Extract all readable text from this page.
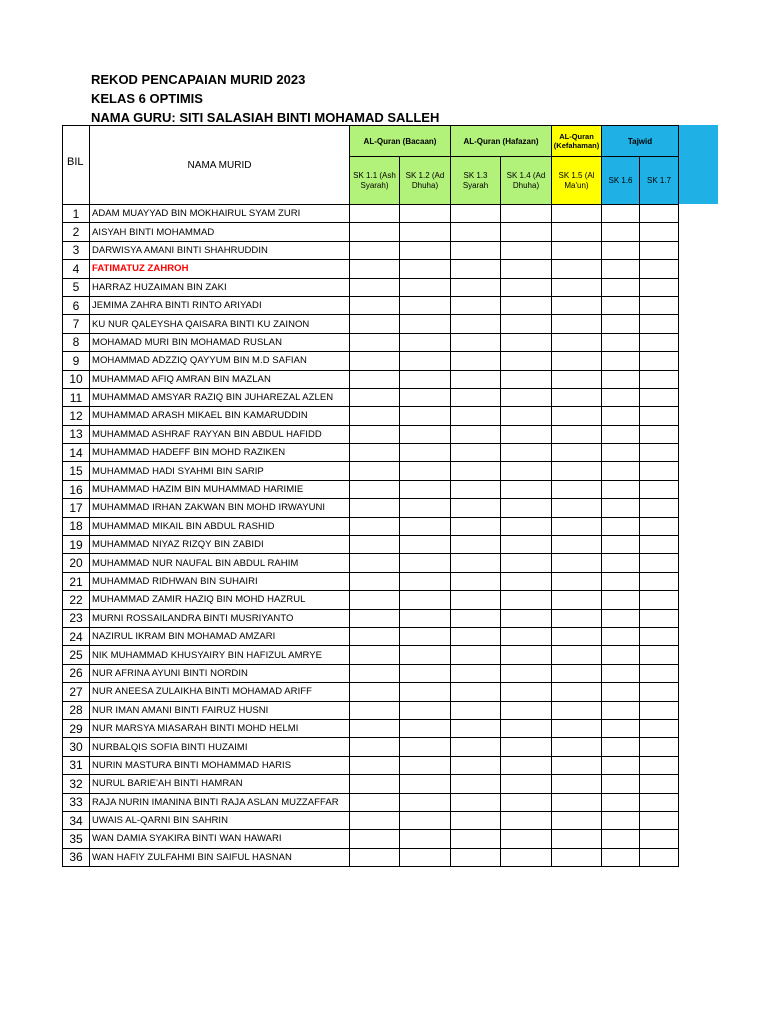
REKOD PENCAPAIAN MURID 2023
KELAS 6 OPTIMIS
NAMA GURU: SITI SALASIAH BINTI MOHAMAD SALLEH
BIL	NAMA MURID	AL-Quran (Bacaan)		AL-Quran (Hafazan)		AL-Quran (Kefahaman)	Tajwid	
		SK 1.1 (Ash Syarah)	SK 1.2 (Ad Dhuha)	SK 1.3 Syarah	SK 1.4 (Ad Dhuha)	SK 1.5 (Al Ma'un)	SK 1.6	SK 1.7
1	ADAM MUAYYAD BIN MOKHAIRUL SYAM ZURI							
2	AISYAH BINTI MOHAMMAD							
3	DARWISYA AMANI BINTI SHAHRUDDIN							
4	FATIMATUZ ZAHROH							
5	HARRAZ HUZAIMAN BIN ZAKI							
6	JEMIMA ZAHRA BINTI RINTO ARIYADI							
7	KU NUR QALEYSHA QAISARA BINTI KU ZAINON							
8	MOHAMAD MURI BIN MOHAMAD RUSLAN							
9	MOHAMMAD ADZZIQ QAYYUM BIN M.D SAFIAN							
10	MUHAMMAD AFIQ AMRAN BIN MAZLAN							
11	MUHAMMAD AMSYAR RAZIQ BIN JUHAREZAL AZLEN							
12	MUHAMMAD ARASH MIKAEL BIN KAMARUDDIN							
13	MUHAMMAD ASHRAF RAYYAN BIN ABDUL HAFIDD							
14	MUHAMMAD HADEFF BIN MOHD RAZIKEN							
15	MUHAMMAD HADI SYAHMI BIN SARIP							
16	MUHAMMAD HAZIM BIN MUHAMMAD HARIMIE							
17	MUHAMMAD IRHAN ZAKWAN BIN MOHD IRWAYUNI							
18	MUHAMMAD MIKAIL BIN ABDUL RASHID							
19	MUHAMMAD NIYAZ RIZQY BIN ZABIDI							
20	MUHAMMAD NUR NAUFAL BIN ABDUL RAHIM							
21	MUHAMMAD RIDHWAN BIN SUHAIRI							
22	MUHAMMAD ZAMIR HAZIQ BIN MOHD HAZRUL							
23	MURNI ROSSAILANDRA BINTI MUSRIYANTO							
24	NAZIRUL IKRAM BIN MOHAMAD AMZARI							
25	NIK MUHAMMAD KHUSYAIRY BIN HAFIZUL AMRYE							
26	NUR AFRINA AYUNI BINTI NORDIN							
27	NUR ANEESA ZULAIKHA BINTI MOHAMAD ARIFF							
28	NUR IMAN AMANI BINTI FAIRUZ HUSNI							
29	NUR MARSYA MIASARAH BINTI MOHD HELMI							
30	NURBALQIS SOFIA BINTI HUZAIMI							
31	NURIN MASTURA BINTI MOHAMMAD HARIS							
32	NURUL BARIE'AH BINTI HAMRAN							
33	RAJA NURIN IMANINA BINTI RAJA ASLAN MUZZAFFAR							
34	UWAIS AL-QARNI BIN SAHRIN							
35	WAN DAMIA SYAKIRA BINTI WAN HAWARI							
36	WAN HAFIY ZULFAHMI BIN SAIFUL HASNAN							
